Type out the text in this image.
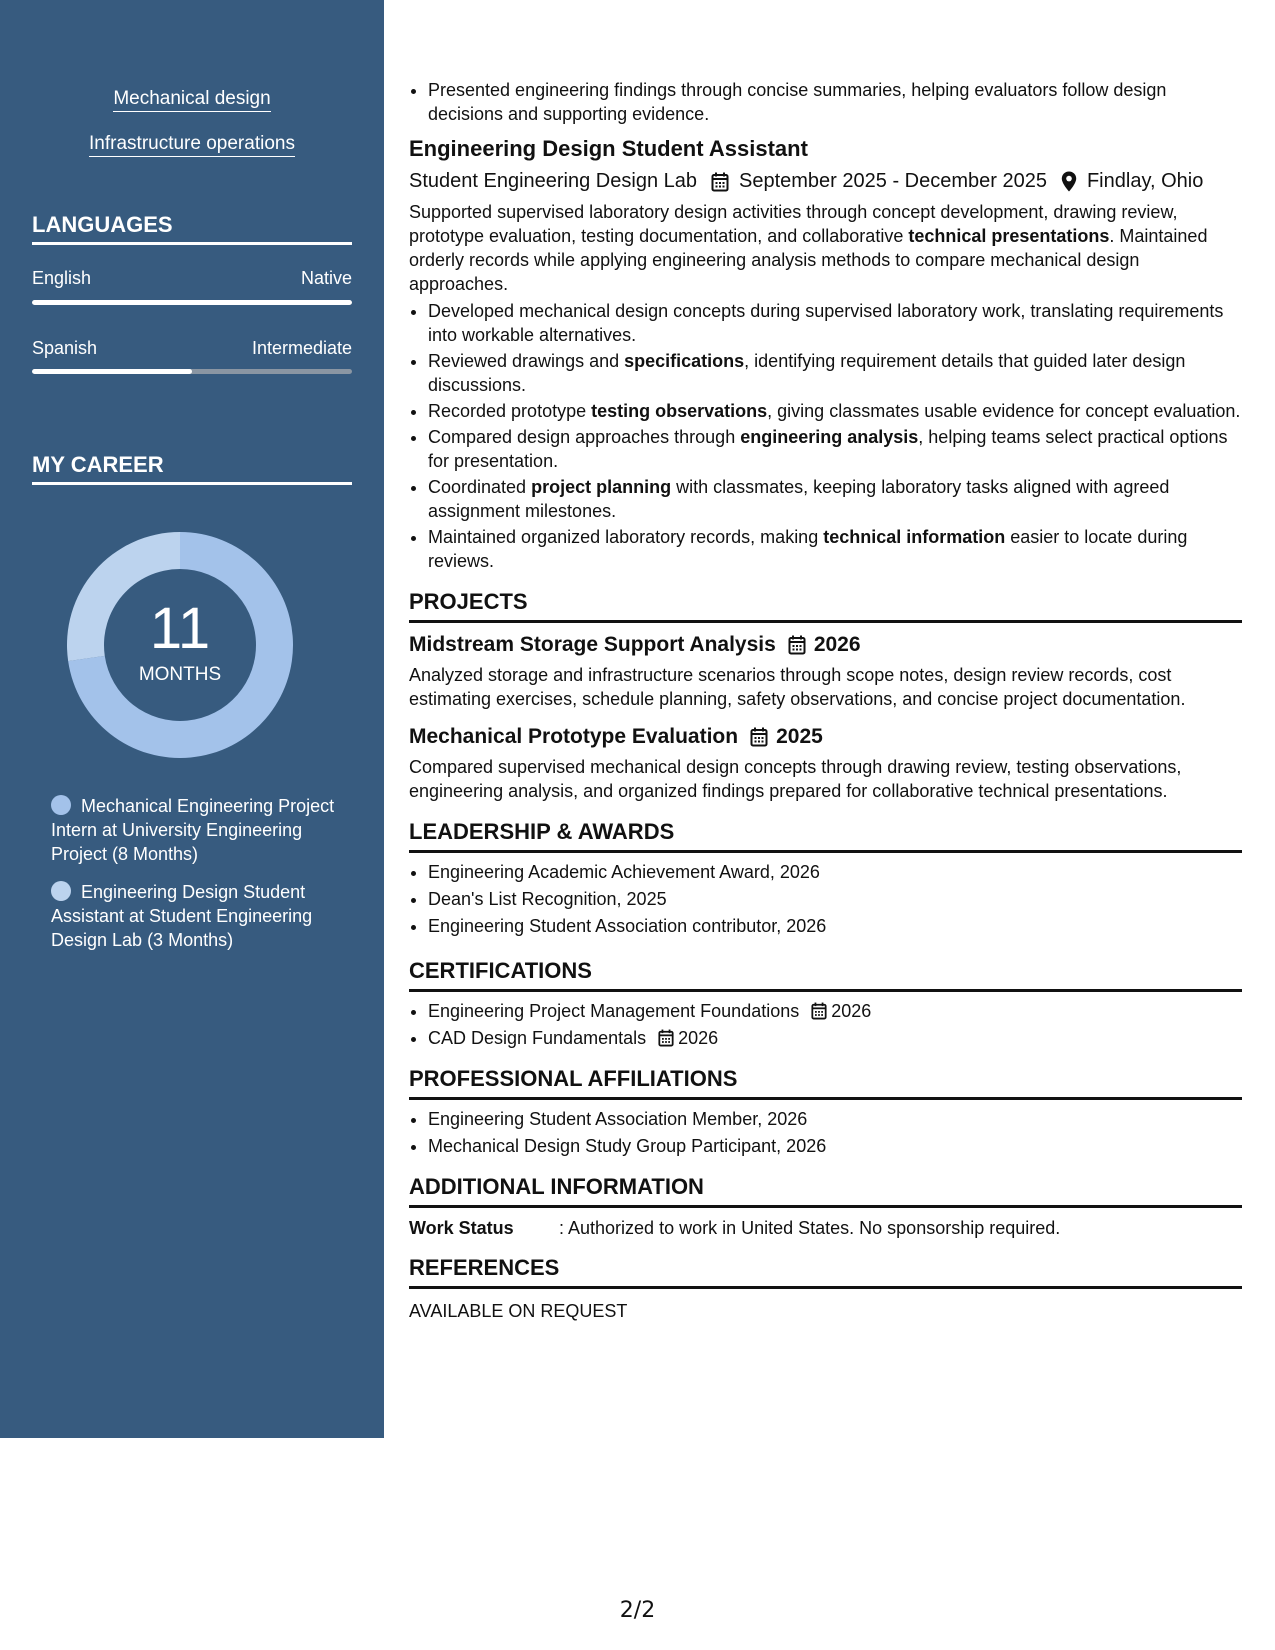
Mechanical design
Infrastructure operations
LANGUAGES
English	Native
Spanish	Intermediate
MY CAREER
11
MONTHS
Mechanical Engineering Project Intern at University Engineering Project (8 Months)
Engineering Design Student Assistant at Student Engineering Design Lab (3 Months)
• Presented engineering findings through concise summaries, helping evaluators follow design decisions and supporting evidence.
Engineering Design Student Assistant
Student Engineering Design Lab September 2025 - December 2025 Findlay, Ohio
Supported supervised laboratory design activities through concept development, drawing review, prototype evaluation, testing documentation, and collaborative technical presentations. Maintained orderly records while applying engineering analysis methods to compare mechanical design approaches.
• Developed mechanical design concepts during supervised laboratory work, translating requirements into workable alternatives.
• Reviewed drawings and specifications, identifying requirement details that guided later design discussions.
• Recorded prototype testing observations, giving classmates usable evidence for concept evaluation.
• Compared design approaches through engineering analysis, helping teams select practical options for presentation.
• Coordinated project planning with classmates, keeping laboratory tasks aligned with agreed assignment milestones.
• Maintained organized laboratory records, making technical information easier to locate during reviews.
PROJECTS
Midstream Storage Support Analysis 2026
Analyzed storage and infrastructure scenarios through scope notes, design review records, cost estimating exercises, schedule planning, safety observations, and concise project documentation.
Mechanical Prototype Evaluation 2025
Compared supervised mechanical design concepts through drawing review, testing observations, engineering analysis, and organized findings prepared for collaborative technical presentations.
LEADERSHIP & AWARDS
• Engineering Academic Achievement Award, 2026
• Dean's List Recognition, 2025
• Engineering Student Association contributor, 2026
CERTIFICATIONS
• Engineering Project Management Foundations 2026
• CAD Design Fundamentals 2026
PROFESSIONAL AFFILIATIONS
• Engineering Student Association Member, 2026
• Mechanical Design Study Group Participant, 2026
ADDITIONAL INFORMATION
Work Status	: Authorized to work in United States. No sponsorship required.
REFERENCES
AVAILABLE ON REQUEST
2/2
